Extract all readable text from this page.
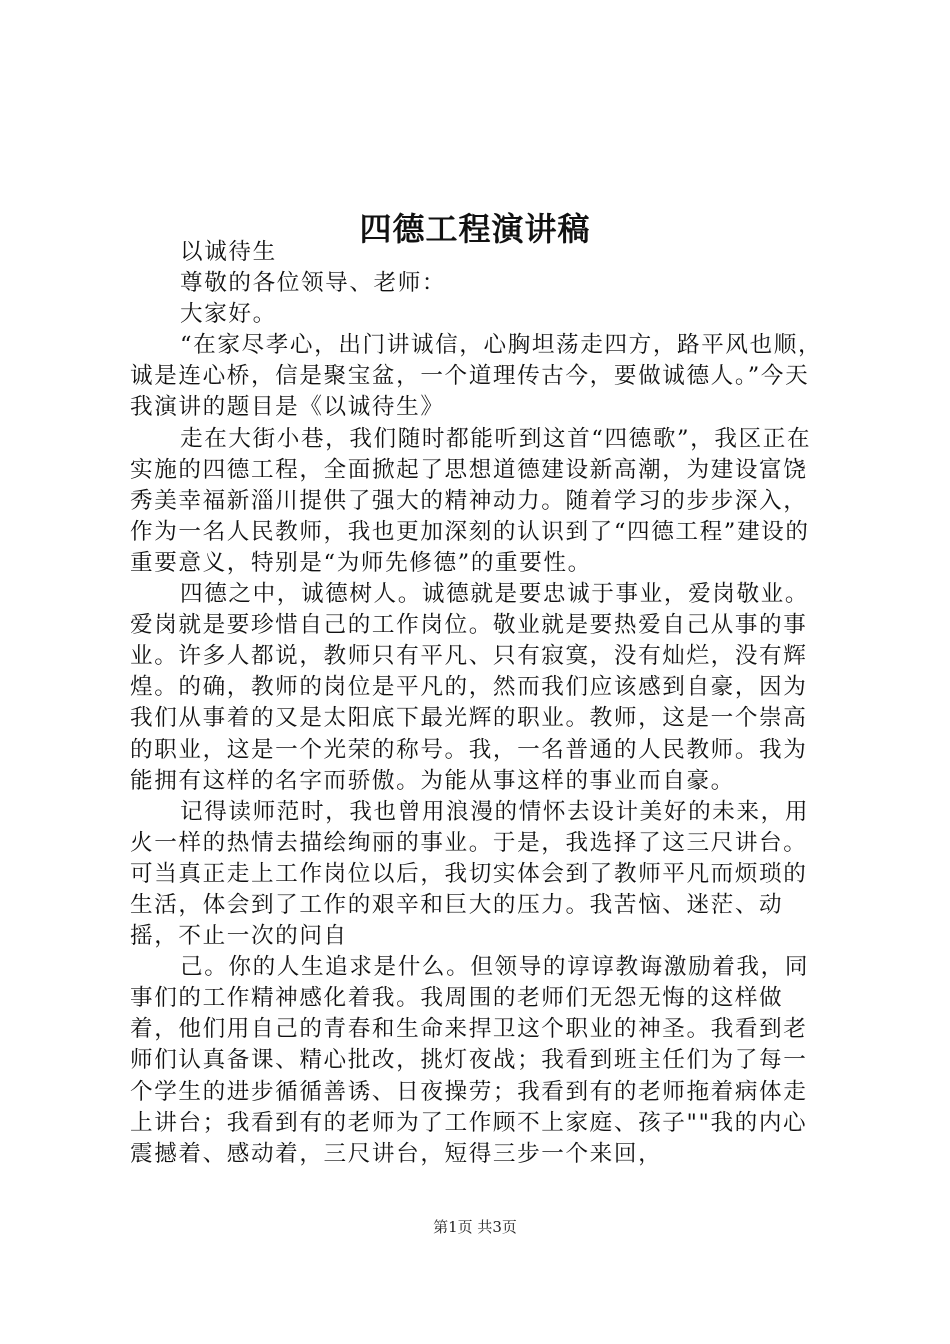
四德工程演讲稿

以诚待生

尊敬的各位领导、老师：

大家好。

“在家尽孝心，出门讲诚信，心胸坦荡走四方，路平风也顺，诚是连心桥，信是聚宝盆，一个道理传古今，要做诚德人。”今天我演讲的题目是《以诚待生》

走在大街小巷，我们随时都能听到这首“四德歌”，我区正在实施的四德工程，全面掀起了思想道德建设新高潮，为建设富饶秀美幸福新淄川提供了强大的精神动力。随着学习的步步深入，作为一名人民教师，我也更加深刻的认识到了“四德工程”建设的重要意义，特别是“为师先修德”的重要性。

四德之中，诚德树人。诚德就是要忠诚于事业，爱岗敬业。爱岗就是要珍惜自己的工作岗位。敬业就是要热爱自己从事的事业。许多人都说，教师只有平凡、只有寂寞，没有灿烂，没有辉煌。的确，教师的岗位是平凡的，然而我们应该感到自豪，因为我们从事着的又是太阳底下最光辉的职业。教师，这是一个崇高的职业，这是一个光荣的称号。我，一名普通的人民教师。我为能拥有这样的名字而骄傲。为能从事这样的事业而自豪。

记得读师范时，我也曾用浪漫的情怀去设计美好的未来，用火一样的热情去描绘绚丽的事业。于是，我选择了这三尺讲台。可当真正走上工作岗位以后，我切实体会到了教师平凡而烦琐的生活，体会到了工作的艰辛和巨大的压力。我苦恼、迷茫、动摇，不止一次的问自

己。你的人生追求是什么。但领导的谆谆教诲激励着我，同事们的工作精神感化着我。我周围的老师们无怨无悔的这样做着，他们用自己的青春和生命来捍卫这个职业的神圣。我看到老师们认真备课、精心批改，挑灯夜战；我看到班主任们为了每一个学生的进步循循善诱、日夜操劳；我看到有的老师拖着病体走上讲台；我看到有的老师为了工作顾不上家庭、孩子""我的内心震撼着、感动着，三尺讲台，短得三步一个来回，

第1页 共3页
